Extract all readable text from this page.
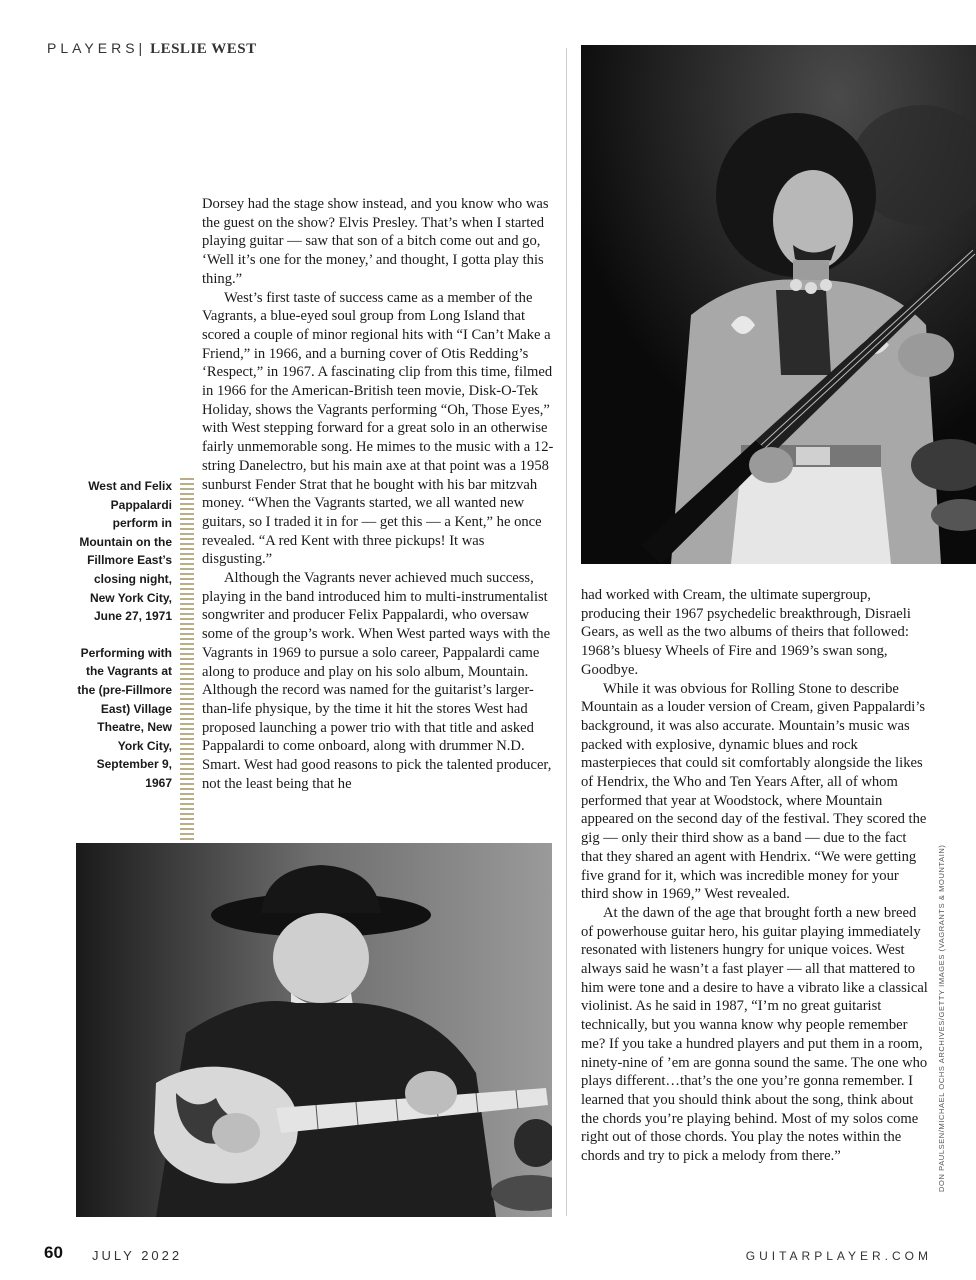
PLAYERS| LESLIE WEST

Dorsey had the stage show instead, and you know who was the guest on the show? Elvis Presley. That’s when I started playing guitar — saw that son of a bitch come out and go, ‘Well it’s one for the money,’ and thought, I gotta play this thing.”

West’s first taste of success came as a member of the Vagrants, a blue-eyed soul group from Long Island that scored a couple of minor regional hits with “I Can’t Make a Friend,” in 1966, and a burning cover of Otis Redding’s ‘Respect,” in 1967. A fascinating clip from this time, filmed in 1966 for the American-British teen movie, Disk-O-Tek Holiday, shows the Vagrants performing “Oh, Those Eyes,” with West stepping forward for a great solo in an otherwise fairly unmemorable song. He mimes to the music with a 12-string Danelectro, but his main axe at that point was a 1958 sunburst Fender Strat that he bought with his bar mitzvah money. “When the Vagrants started, we all wanted new guitars, so I traded it in for — get this — a Kent,” he once revealed. “A red Kent with three pickups! It was disgusting.”

Although the Vagrants never achieved much success, playing in the band introduced him to multi-instrumentalist songwriter and producer Felix Pappalardi, who oversaw some of the group’s work. When West parted ways with the Vagrants in 1969 to pursue a solo career, Pappalardi came along to produce and play on his solo album, Mountain. Although the record was named for the guitarist’s larger-than-life physique, by the time it hit the stores West had proposed launching a power trio with that title and asked Pappalardi to come onboard, along with drummer N.D. Smart. West had good reasons to pick the talented producer, not the least being that he

West and Felix Pappalardi perform in Mountain on the Fillmore East’s closing night, New York City, June 27, 1971

Performing with the Vagrants at the (pre-Fillmore East) Village Theatre, New York City, September 9, 1967

had worked with Cream, the ultimate supergroup, producing their 1967 psychedelic breakthrough, Disraeli Gears, as well as the two albums of theirs that followed: 1968’s bluesy Wheels of Fire and 1969’s swan song, Goodbye.

While it was obvious for Rolling Stone to describe Mountain as a louder version of Cream, given Pappalardi’s background, it was also accurate. Mountain’s music was packed with explosive, dynamic blues and rock masterpieces that could sit comfortably alongside the likes of Hendrix, the Who and Ten Years After, all of whom performed that year at Woodstock, where Mountain appeared on the second day of the festival. They scored the gig — only their third show as a band — due to the fact that they shared an agent with Hendrix. “We were getting five grand for it, which was incredible money for your third show in 1969,” West revealed.

At the dawn of the age that brought forth a new breed of powerhouse guitar hero, his guitar playing immediately resonated with listeners hungry for unique voices. West always said he wasn’t a fast player — all that mattered to him were tone and a desire to have a vibrato like a classical violinist. As he said in 1987, “I’m no great guitarist technically, but you wanna know why people remember me? If you take a hundred players and put them in a room, ninety-nine of ’em are gonna sound the same. The one who plays different…that’s the one you’re gonna remember. I learned that you should think about the song, think about the chords you’re playing behind. Most of my solos come right out of those chords. You play the notes within the chords and try to pick a melody from there.”	DON PAULSEN/MICHAEL OCHS ARCHIVES/GETTY IMAGES (VAGRANTS & MOUNTAIN)
60 JULY 2022	GUITARPLAYER.COM
